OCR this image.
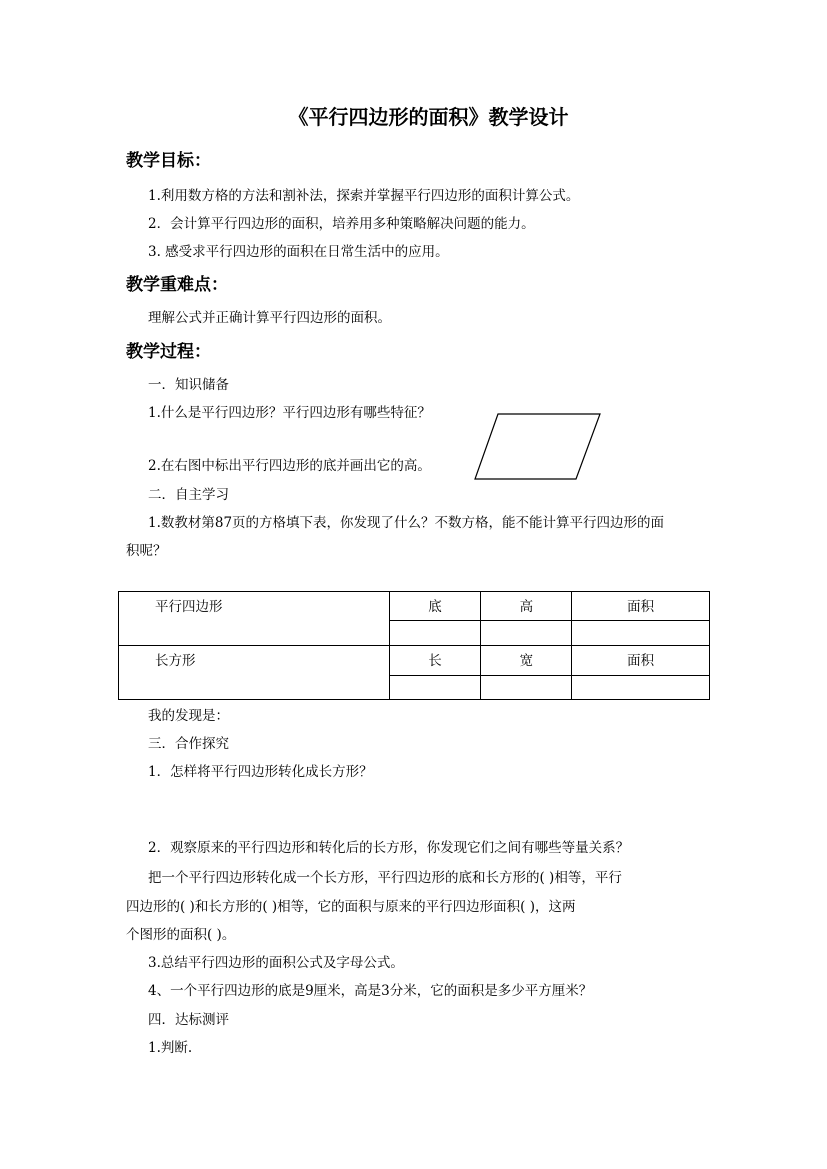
《平行四边形的面积》教学设计
教学目标：
1.利用数方格的方法和割补法，探索并掌握平行四边形的面积计算公式。
2．会计算平行四边形的面积，培养用多种策略解决问题的能力。
3. 感受求平行四边形的面积在日常生活中的应用。
教学重难点：
理解公式并正确计算平行四边形的面积。
教学过程：
一．知识储备
1.什么是平行四边形？平行四边形有哪些特征？
2.在右图中标出平行四边形的底并画出它的高。
二．自主学习
1.数教材第87页的方格填下表，你发现了什么？不数方格，能不能计算平行四边形的面
积呢？
平行四边形	底	高	面积

长方形	长	宽	面积

我的发现是：
三．合作探究
1．怎样将平行四边形转化成长方形？
2．观察原来的平行四边形和转化后的长方形，你发现它们之间有哪些等量关系？
把一个平行四边形转化成一个长方形，平行四边形的底和长方形的( )相等，平行
四边形的( )和长方形的( )相等，它的面积与原来的平行四边形面积( )，这两
个图形的面积( )。
3.总结平行四边形的面积公式及字母公式。
4、一个平行四边形的底是9厘米，高是3分米，它的面积是多少平方厘米？
四．达标测评
1.判断.
